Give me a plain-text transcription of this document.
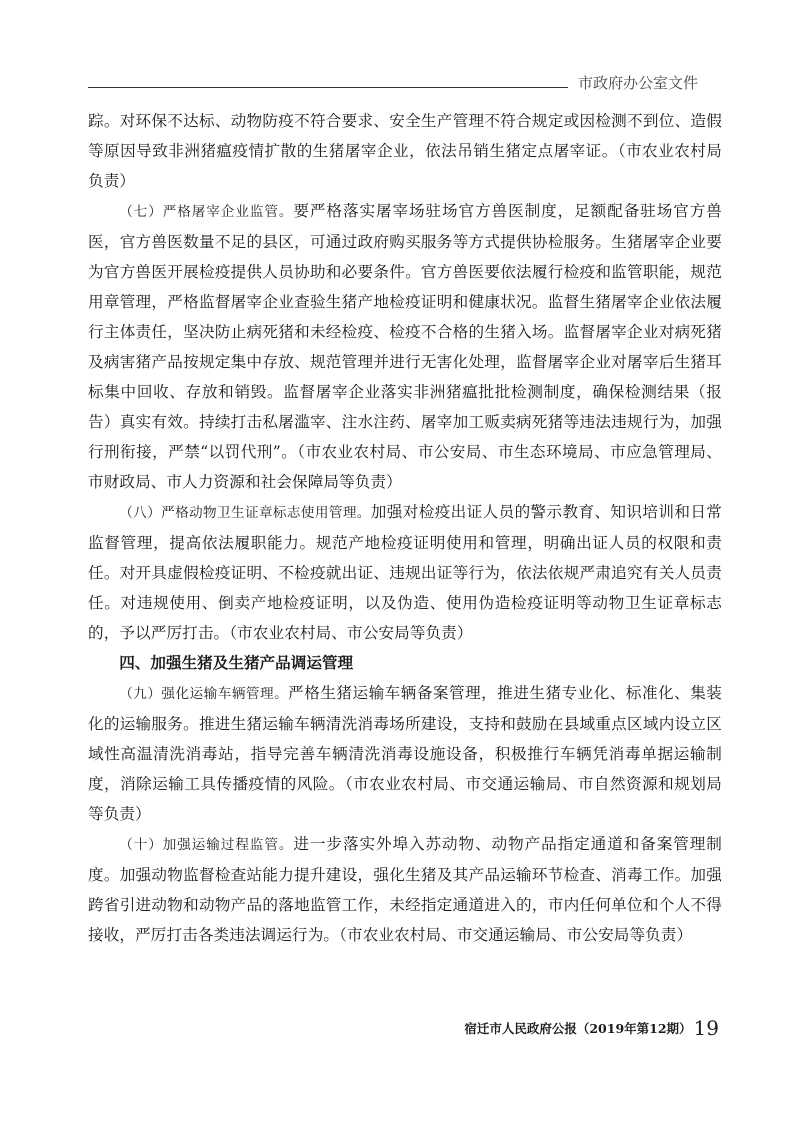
市政府办公室文件

踪。对环保不达标、动物防疫不符合要求、安全生产管理不符合规定或因检测不到位、造假等原因导致非洲猪瘟疫情扩散的生猪屠宰企业，依法吊销生猪定点屠宰证。（市农业农村局负责）

（七）严格屠宰企业监管。要严格落实屠宰场驻场官方兽医制度，足额配备驻场官方兽医，官方兽医数量不足的县区，可通过政府购买服务等方式提供协检服务。生猪屠宰企业要为官方兽医开展检疫提供人员协助和必要条件。官方兽医要依法履行检疫和监管职能，规范用章管理，严格监督屠宰企业查验生猪产地检疫证明和健康状况。监督生猪屠宰企业依法履行主体责任，坚决防止病死猪和未经检疫、检疫不合格的生猪入场。监督屠宰企业对病死猪及病害猪产品按规定集中存放、规范管理并进行无害化处理，监督屠宰企业对屠宰后生猪耳标集中回收、存放和销毁。监督屠宰企业落实非洲猪瘟批批检测制度，确保检测结果（报告）真实有效。持续打击私屠滥宰、注水注药、屠宰加工贩卖病死猪等违法违规行为，加强行刑衔接，严禁“以罚代刑”。（市农业农村局、市公安局、市生态环境局、市应急管理局、市财政局、市人力资源和社会保障局等负责）

（八）严格动物卫生证章标志使用管理。加强对检疫出证人员的警示教育、知识培训和日常监督管理，提高依法履职能力。规范产地检疫证明使用和管理，明确出证人员的权限和责任。对开具虚假检疫证明、不检疫就出证、违规出证等行为，依法依规严肃追究有关人员责任。对违规使用、倒卖产地检疫证明，以及伪造、使用伪造检疫证明等动物卫生证章标志的，予以严厉打击。（市农业农村局、市公安局等负责）

四、加强生猪及生猪产品调运管理

（九）强化运输车辆管理。严格生猪运输车辆备案管理，推进生猪专业化、标准化、集装化的运输服务。推进生猪运输车辆清洗消毒场所建设，支持和鼓励在县域重点区域内设立区域性高温清洗消毒站，指导完善车辆清洗消毒设施设备，积极推行车辆凭消毒单据运输制度，消除运输工具传播疫情的风险。（市农业农村局、市交通运输局、市自然资源和规划局等负责）

（十）加强运输过程监管。进一步落实外埠入苏动物、动物产品指定通道和备案管理制度。加强动物监督检查站能力提升建设，强化生猪及其产品运输环节检查、消毒工作。加强跨省引进动物和动物产品的落地监管工作，未经指定通道进入的，市内任何单位和个人不得接收，严厉打击各类违法调运行为。（市农业农村局、市交通运输局、市公安局等负责）

宿迁市人民政府公报（2019年第12期） 19
